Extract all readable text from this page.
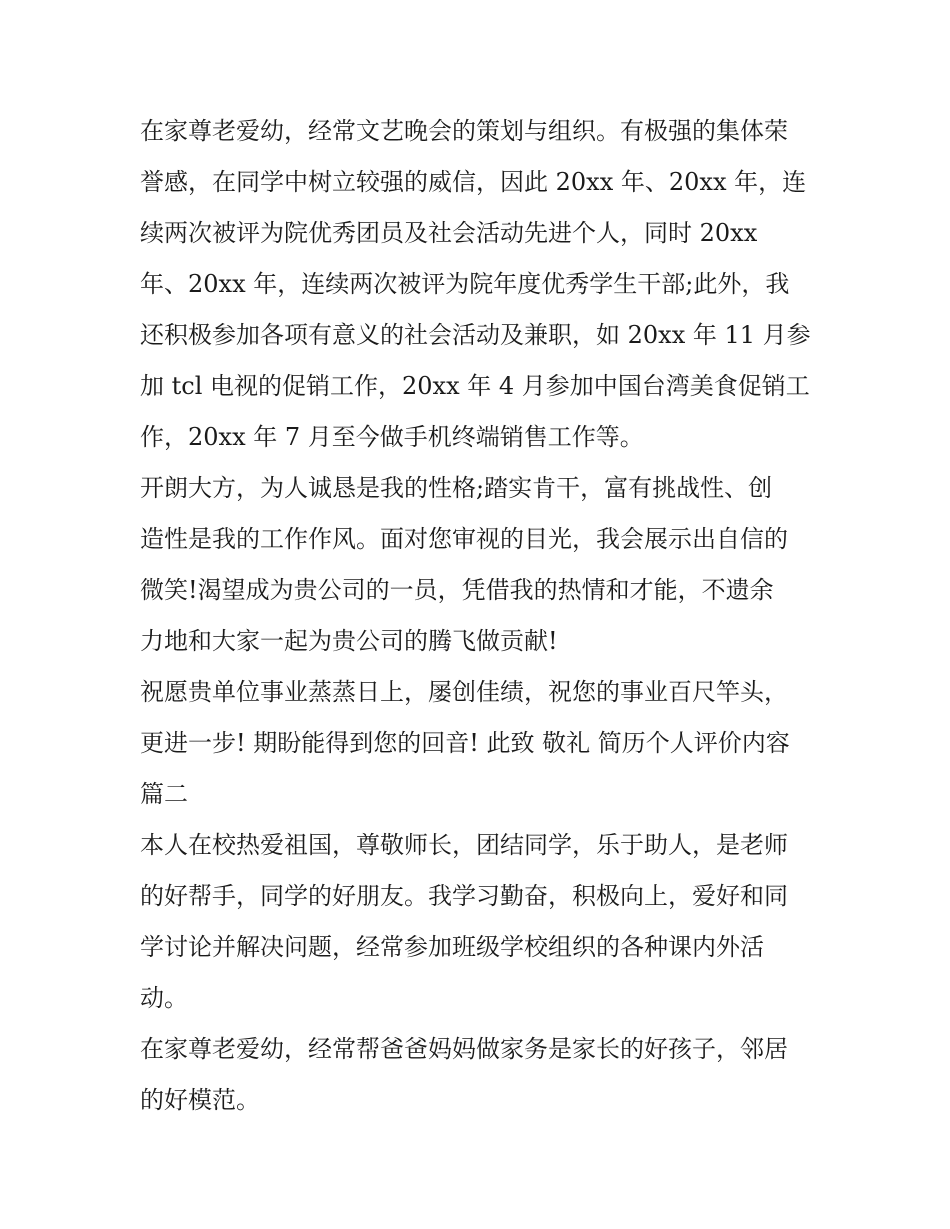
在家尊老爱幼，经常文艺晚会的策划与组织。有极强的集体荣
誉感，在同学中树立较强的威信，因此 20xx 年、20xx 年，连
续两次被评为院优秀团员及社会活动先进个人，同时 20xx
年、20xx 年，连续两次被评为院年度优秀学生干部;此外，我
还积极参加各项有意义的社会活动及兼职，如 20xx 年 11 月参
加 tcl 电视的促销工作，20xx 年 4 月参加中国台湾美食促销工
作，20xx 年 7 月至今做手机终端销售工作等。
开朗大方，为人诚恳是我的性格;踏实肯干，富有挑战性、创
造性是我的工作作风。面对您审视的目光，我会展示出自信的
微笑!渴望成为贵公司的一员，凭借我的热情和才能，不遗余
力地和大家一起为贵公司的腾飞做贡献!
祝愿贵单位事业蒸蒸日上，屡创佳绩，祝您的事业百尺竿头，
更进一步! 期盼能得到您的回音! 此致 敬礼 简历个人评价内容
篇二
本人在校热爱祖国，尊敬师长，团结同学，乐于助人，是老师
的好帮手，同学的好朋友。我学习勤奋，积极向上，爱好和同
学讨论并解决问题，经常参加班级学校组织的各种课内外活
动。
在家尊老爱幼，经常帮爸爸妈妈做家务是家长的好孩子，邻居
的好模范。
